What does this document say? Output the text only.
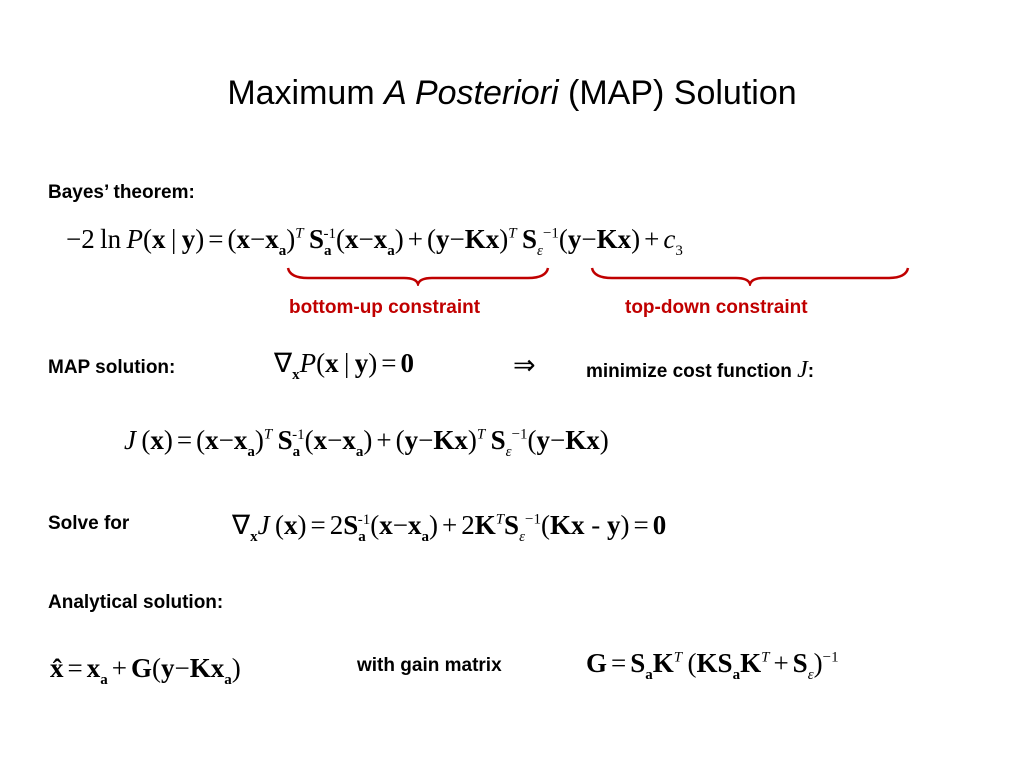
Maximum A Posteriori (MAP) Solution
Bayes’ theorem:
−2 ln P(x | $y) = (x-x_a)^T$  $S_a^{-1}(x-x_a) + (y-Kx)^T$  $S_\varepsilon^{-1}(y-Kx) + c_3$
bottom-up constraint	top-down constraint
MAP solution:	$\nabla_xP(x$ | y) = 0	⇒	minimize cost function J:
J $(x) = (x-x_a)^T$  $S_a^{-1}(x-x_a) + (y-Kx)^T$  $S_\varepsilon^{-1}(y-Kx)$
Solve for	$\nabla_xJ$ $(x) = 2S_a^{-1}(x-x_a) + 2K^TS_\varepsilon^{-1}(Kx - y) = 0$
Analytical solution:
x̂ = $x_a + G(y-Kx_a)$	with gain matrix	$G = S_aK^T$ $(KS_aK^T + S_\varepsilon)^{-1}$
